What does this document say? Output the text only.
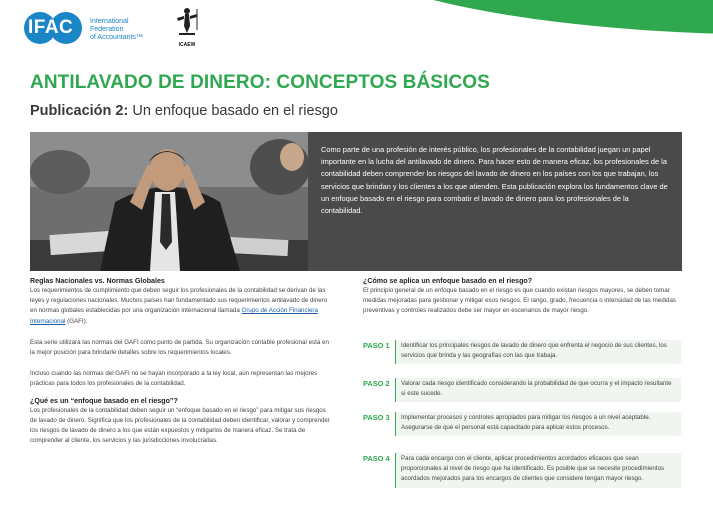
IFAC International
Federation
of Accountants™
ICAEW
ANTILAVADO DE DINERO: CONCEPTOS BÁSICOS
Publicación 2: Un enfoque basado en el riesgo
Como parte de una profesión de interés público, los profesionales de la contabilidad juegan un papel importante en la lucha del antilavado de dinero. Para hacer esto de manera eficaz, los profesionales de la contabilidad deben comprender los riesgos del lavado de dinero en los países con los que trabajan, los servicios que brindan y los clientes a los que atienden. Esta publicación explora los fundamentos clave de un enfoque basado en el riesgo para combatir el lavado de dinero para los profesionales de la contabilidad.
Reglas Nacionales vs. Normas Globales

Los requerimientos de cumplimiento que deben seguir los profesionales de la contabilidad se derivan de las leyes y regulaciones nacionales. Muchos países han fundamentado sus requerimientos antilavado de dinero en normas globales establecidas por una organización internacional llamada Grupo de Acción Financiera Internacional (GAFI).

Esta serie utilizará las normas del GAFI como punto de partida. Su organización contable profesional está en la mejor posición para brindarle detalles sobre los requerimientos locales.

Incluso cuando las normas del GAFI no se hayan incorporado a la ley local, aún representan las mejores prácticas para todos los profesionales de la contabilidad.

¿Qué es un “enfoque basado en el riesgo”?

Los profesionales de la contabilidad deben seguir un “enfoque basado en el riesgo” para mitigar sus riesgos de lavado de dinero. Significa que los profesionales de la contabilidad deben identificar, valorar y comprender los riesgos de lavado de dinero a los que están expuestos y mitigarlos de manera eficaz. Se trata de comprender al cliente, los servicios y las jurisdicciones involucradas.

¿Cómo se aplica un enfoque basado en el riesgo?

El principio general de un enfoque basado en el riesgo es que cuando existan riesgos mayores, se deben tomar medidas mejoradas para gestionar y mitigar esos riesgos. El rango, grado, frecuencia o intensidad de las medidas preventivas y controles realizados debe ser mayor en escenarios de mayor riesgo.

PASO 1	Identificar los principales riesgos de lavado de dinero que enfrenta el negocio de sus clientes, los servicios que brinda y las geografías con las que trabaja.
PASO 2	Valorar cada riesgo identificado considerando la probabilidad de que ocurra y el impacto resultante si este sucede.
PASO 3	Implementar procesos y controles apropiados para mitigar los riesgos a un nivel aceptable. Asegurarse de que el personal está capacitado para aplicar estos procesos.
PASO 4	Para cada encargo con el cliente, aplicar procedimientos acordados eficaces que sean proporcionales al nivel de riesgo que ha identificado. Es posible que se necesite procedimientos acordados mejorados para los encargos de clientes que considere tengan mayor riesgo.
